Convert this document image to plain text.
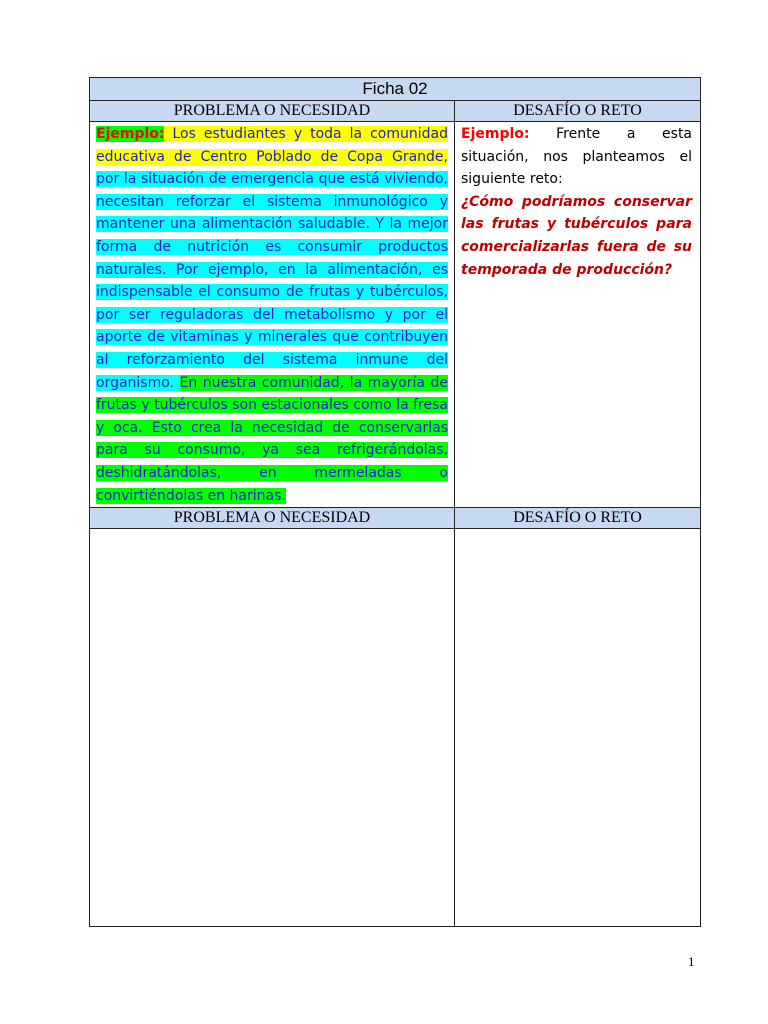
Ficha 02	
PROBLEMA O NECESIDAD	DESAFÍO O RETO
Ejemplo: Los estudiantes y toda la comunidad educativa de Centro Poblado de Copa Grande, por la situación de emergencia que está viviendo, necesitan reforzar el sistema inmunológico y mantener una alimentación saludable. Y la mejor forma de nutrición es consumir productos naturales. Por ejemplo, en la alimentación, es indispensable el consumo de frutas y tubérculos, por ser reguladoras del metabolismo y por el aporte de vitaminas y minerales que contribuyen al reforzamiento del sistema inmune del organismo. En nuestra comunidad, la mayoría de frutas y tubérculos son estacionales como la fresa y oca. Esto crea la necesidad de conservarlas para su consumo, ya sea refrigerándolas, deshidratándolas, en mermeladas o convirtiéndolas en harinas.	Ejemplo: Frente a esta situación, nos planteamos el siguiente reto:
¿Cómo podríamos conservar las frutas y tubérculos para comercializarlas fuera de su temporada de producción?
PROBLEMA O NECESIDAD	DESAFÍO O RETO

1
